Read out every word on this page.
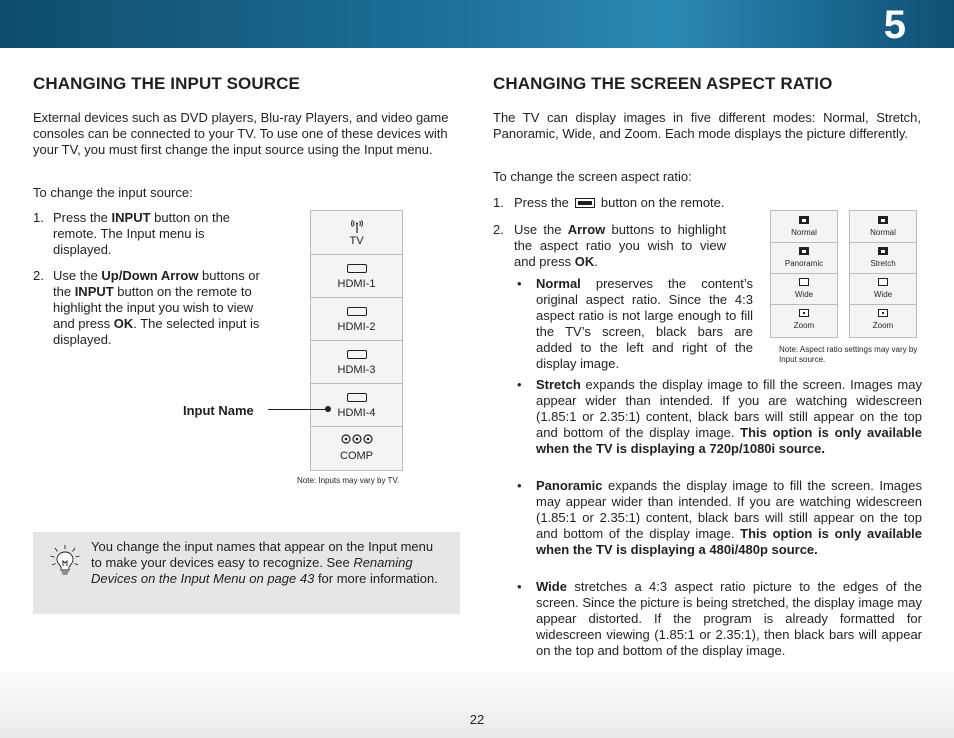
5
CHANGING THE INPUT SOURCE
External devices such as DVD players, Blu-ray Players, and video game consoles can be connected to your TV. To use one of these devices with your TV, you must first change the input source using the Input menu.
To change the input source:
1. Press the INPUT button on the remote. The Input menu is displayed.
2. Use the Up/Down Arrow buttons or the INPUT button on the remote to highlight the input you wish to view and press OK. The selected input is displayed.
TV
HDMI-1
HDMI-2
HDMI-3
HDMI-4
COMP
Input Name
Note: Inputs may vary by TV.
You change the input names that appear on the Input menu to make your devices easy to recognize. See Renaming Devices on the Input Menu on page 43 for more information.
CHANGING THE SCREEN ASPECT RATIO
The TV can display images in five different modes: Normal, Stretch, Panoramic, Wide, and Zoom. Each mode displays the picture differently.
To change the screen aspect ratio:
1. Press the button on the remote.
2. Use the Arrow buttons to highlight the aspect ratio you wish to view and press OK.
Normal
Panoramic
Wide
Zoom
Normal
Stretch
Wide
Zoom
Note: Aspect ratio settings may vary by Input source.
• Normal preserves the content’s original aspect ratio. Since the 4:3 aspect ratio is not large enough to fill the TV’s screen, black bars are added to the left and right of the display image.
• Stretch expands the display image to fill the screen. Images may appear wider than intended. If you are watching widescreen (1.85:1 or 2.35:1) content, black bars will still appear on the top and bottom of the display image. This option is only available when the TV is displaying a 720p/1080i source.
• Panoramic expands the display image to fill the screen. Images may appear wider than intended. If you are watching widescreen (1.85:1 or 2.35:1) content, black bars will still appear on the top and bottom of the display image. This option is only available when the TV is displaying a 480i/480p source.
• Wide stretches a 4:3 aspect ratio picture to the edges of the screen. Since the picture is being stretched, the display image may appear distorted. If the program is already formatted for widescreen viewing (1.85:1 or 2.35:1), then black bars will appear on the top and bottom of the display image.
22
